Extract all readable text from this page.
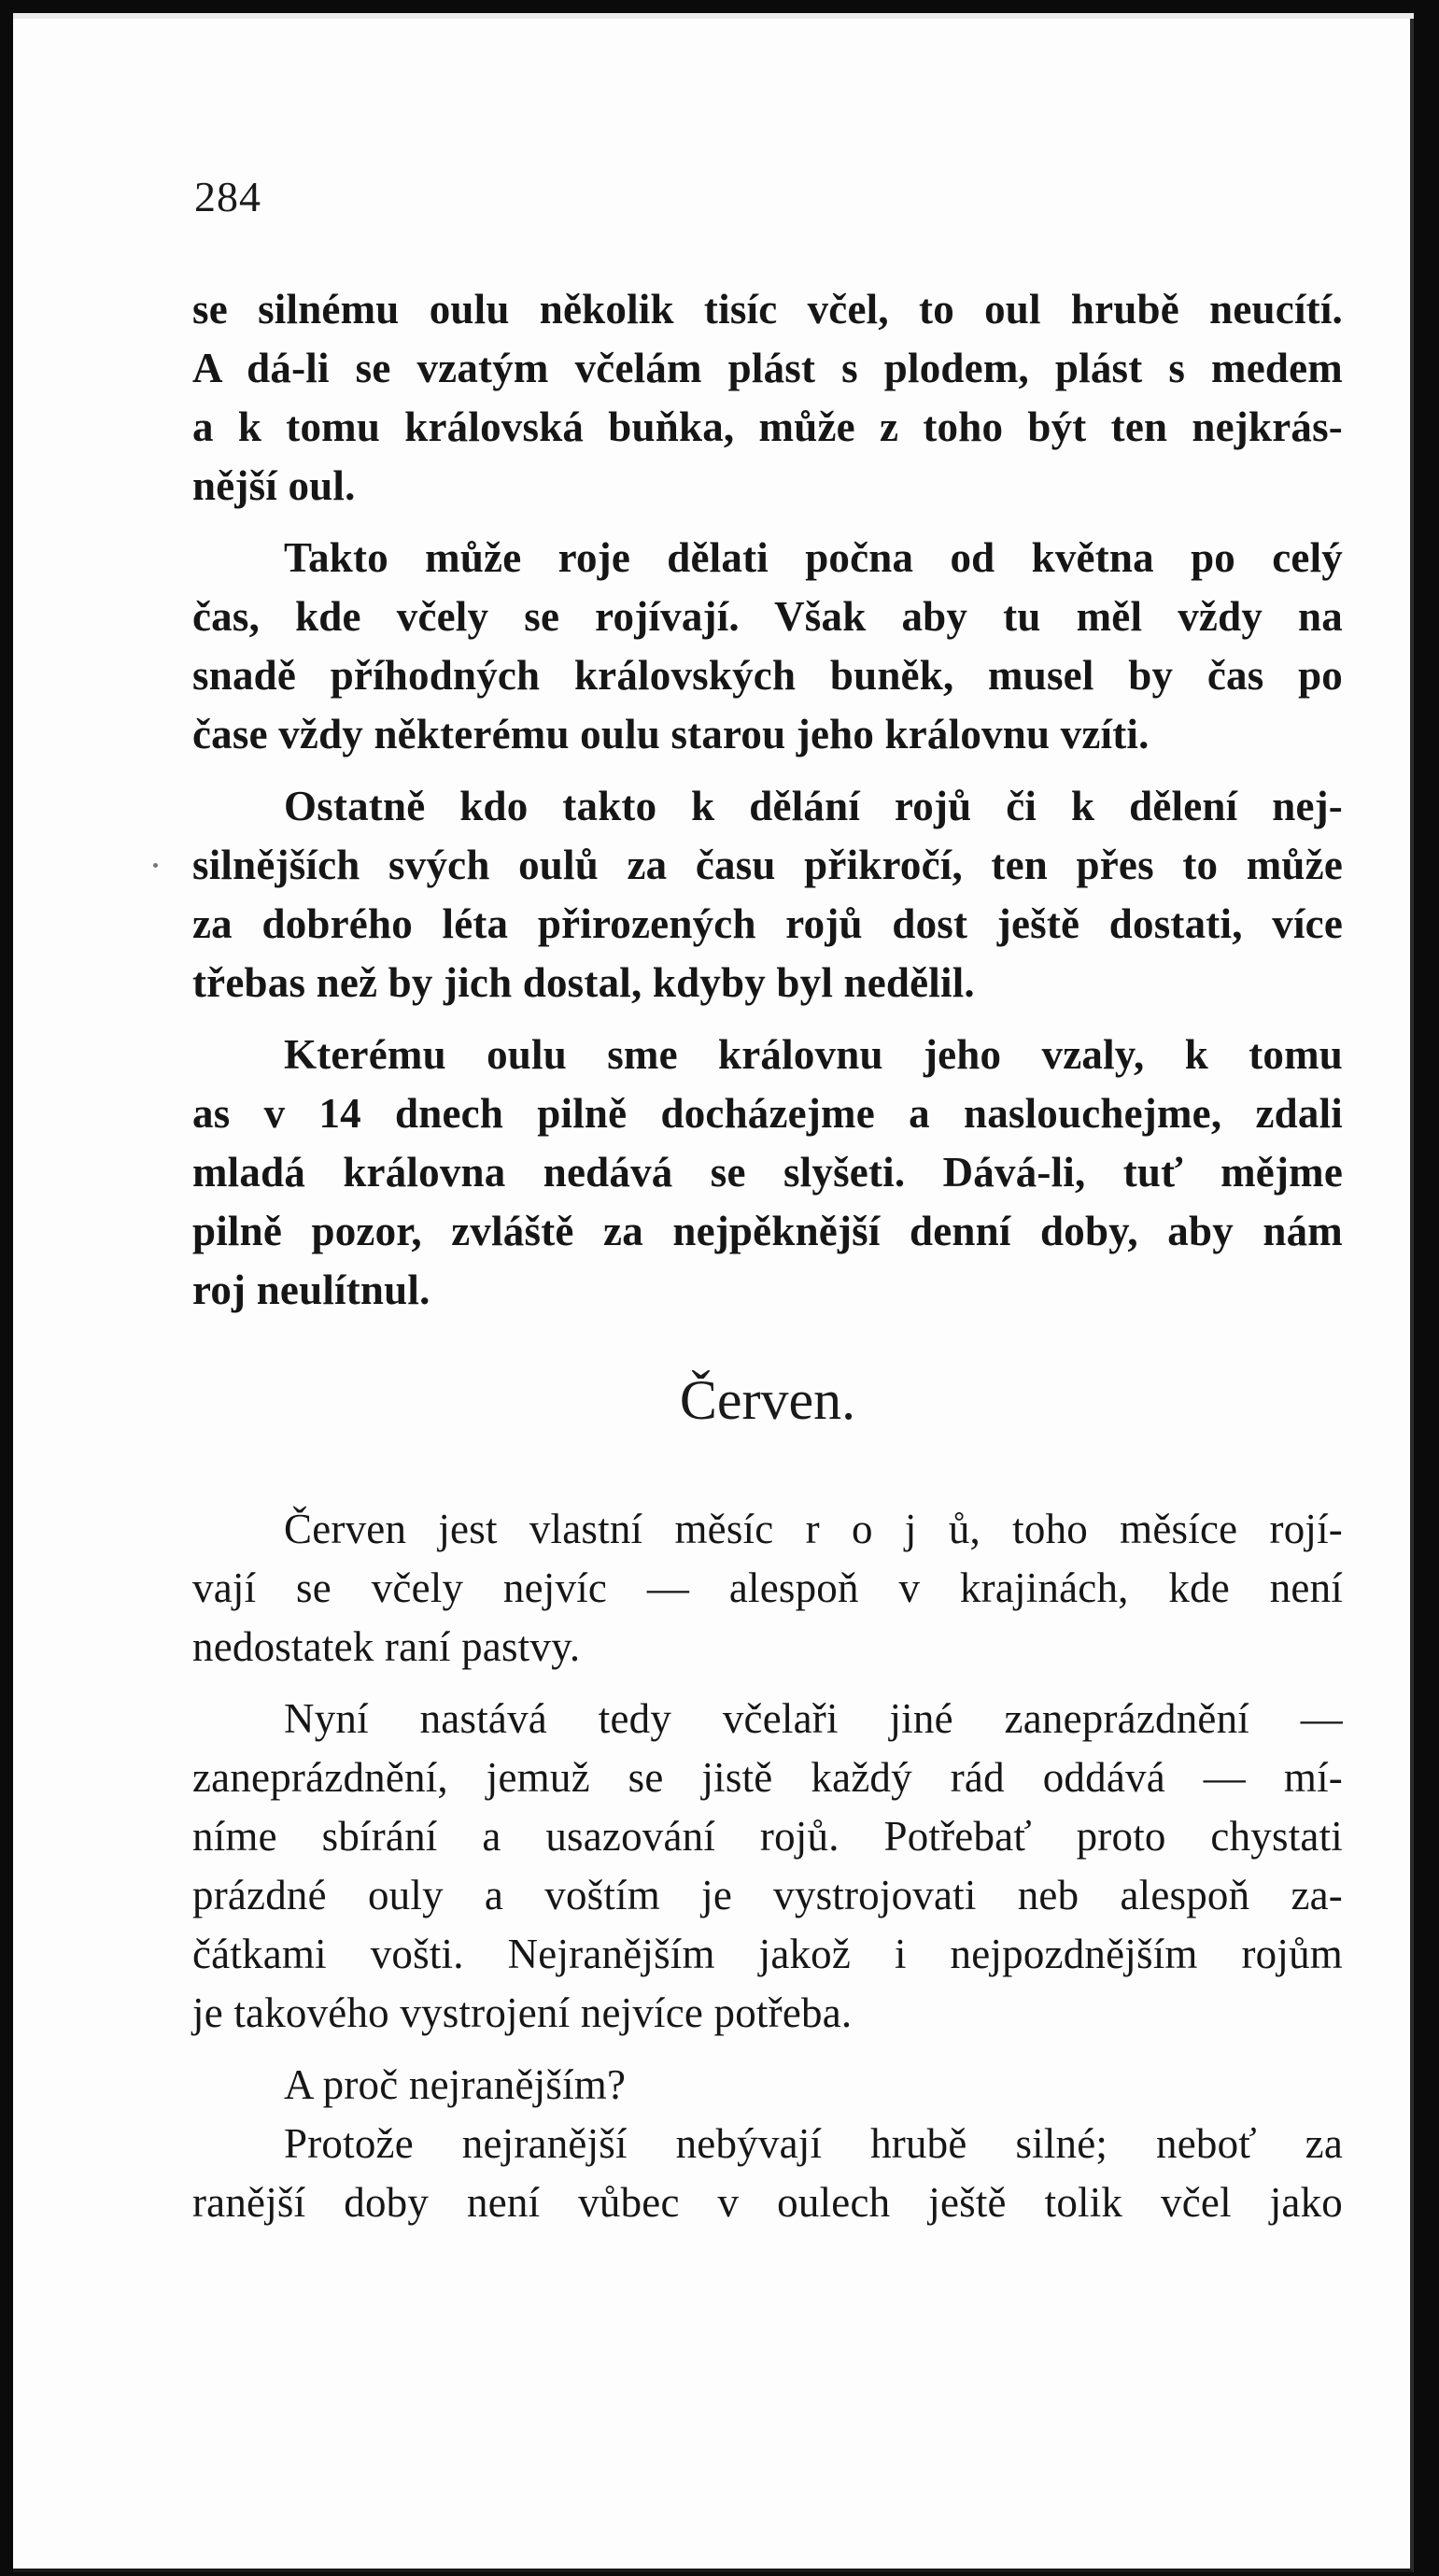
284

se silnému oulu několik tisíc včel, to oul hrubě neucítí.
A dá-li se vzatým včelám plást s plodem, plást s medem
a k tomu královská buňka, může z toho být ten nejkrás-
nější oul.

Takto může roje dělati počna od května po celý
čas, kde včely se rojívají. Však aby tu měl vždy na
snadě příhodných královských buněk, musel by čas po
čase vždy některému oulu starou jeho královnu vzíti.

Ostatně kdo takto k dělání rojů či k dělení nej-
silnějších svých oulů za času přikročí, ten přes to může
za dobrého léta přirozených rojů dost ještě dostati, více
třebas než by jich dostal, kdyby byl nedělil.

Kterému oulu sme královnu jeho vzaly, k tomu
as v 14 dnech pilně docházejme a naslouchejme, zdali
mladá královna nedává se slyšeti. Dává-li, tuť mějme
pilně pozor, zvláště za nejpěknější denní doby, aby nám
roj neulítnul.

Červen.

Červen jest vlastní měsíc r o j ů, toho měsíce rojí-
vají se včely nejvíc — alespoň v krajinách, kde není
nedostatek raní pastvy.

Nyní nastává tedy včelaři jiné zaneprázdnění —
zaneprázdnění, jemuž se jistě každý rád oddává — mí-
níme sbírání a usazování rojů. Potřebať proto chystati
prázdné ouly a voštím je vystrojovati neb alespoň za-
čátkami vošti. Nejranějším jakož i nejpozdnějším rojům
je takového vystrojení nejvíce potřeba.

A proč nejranějším?

Protože nejranější nebývají hrubě silné; neboť za
ranější doby není vůbec v oulech ještě tolik včel jako
